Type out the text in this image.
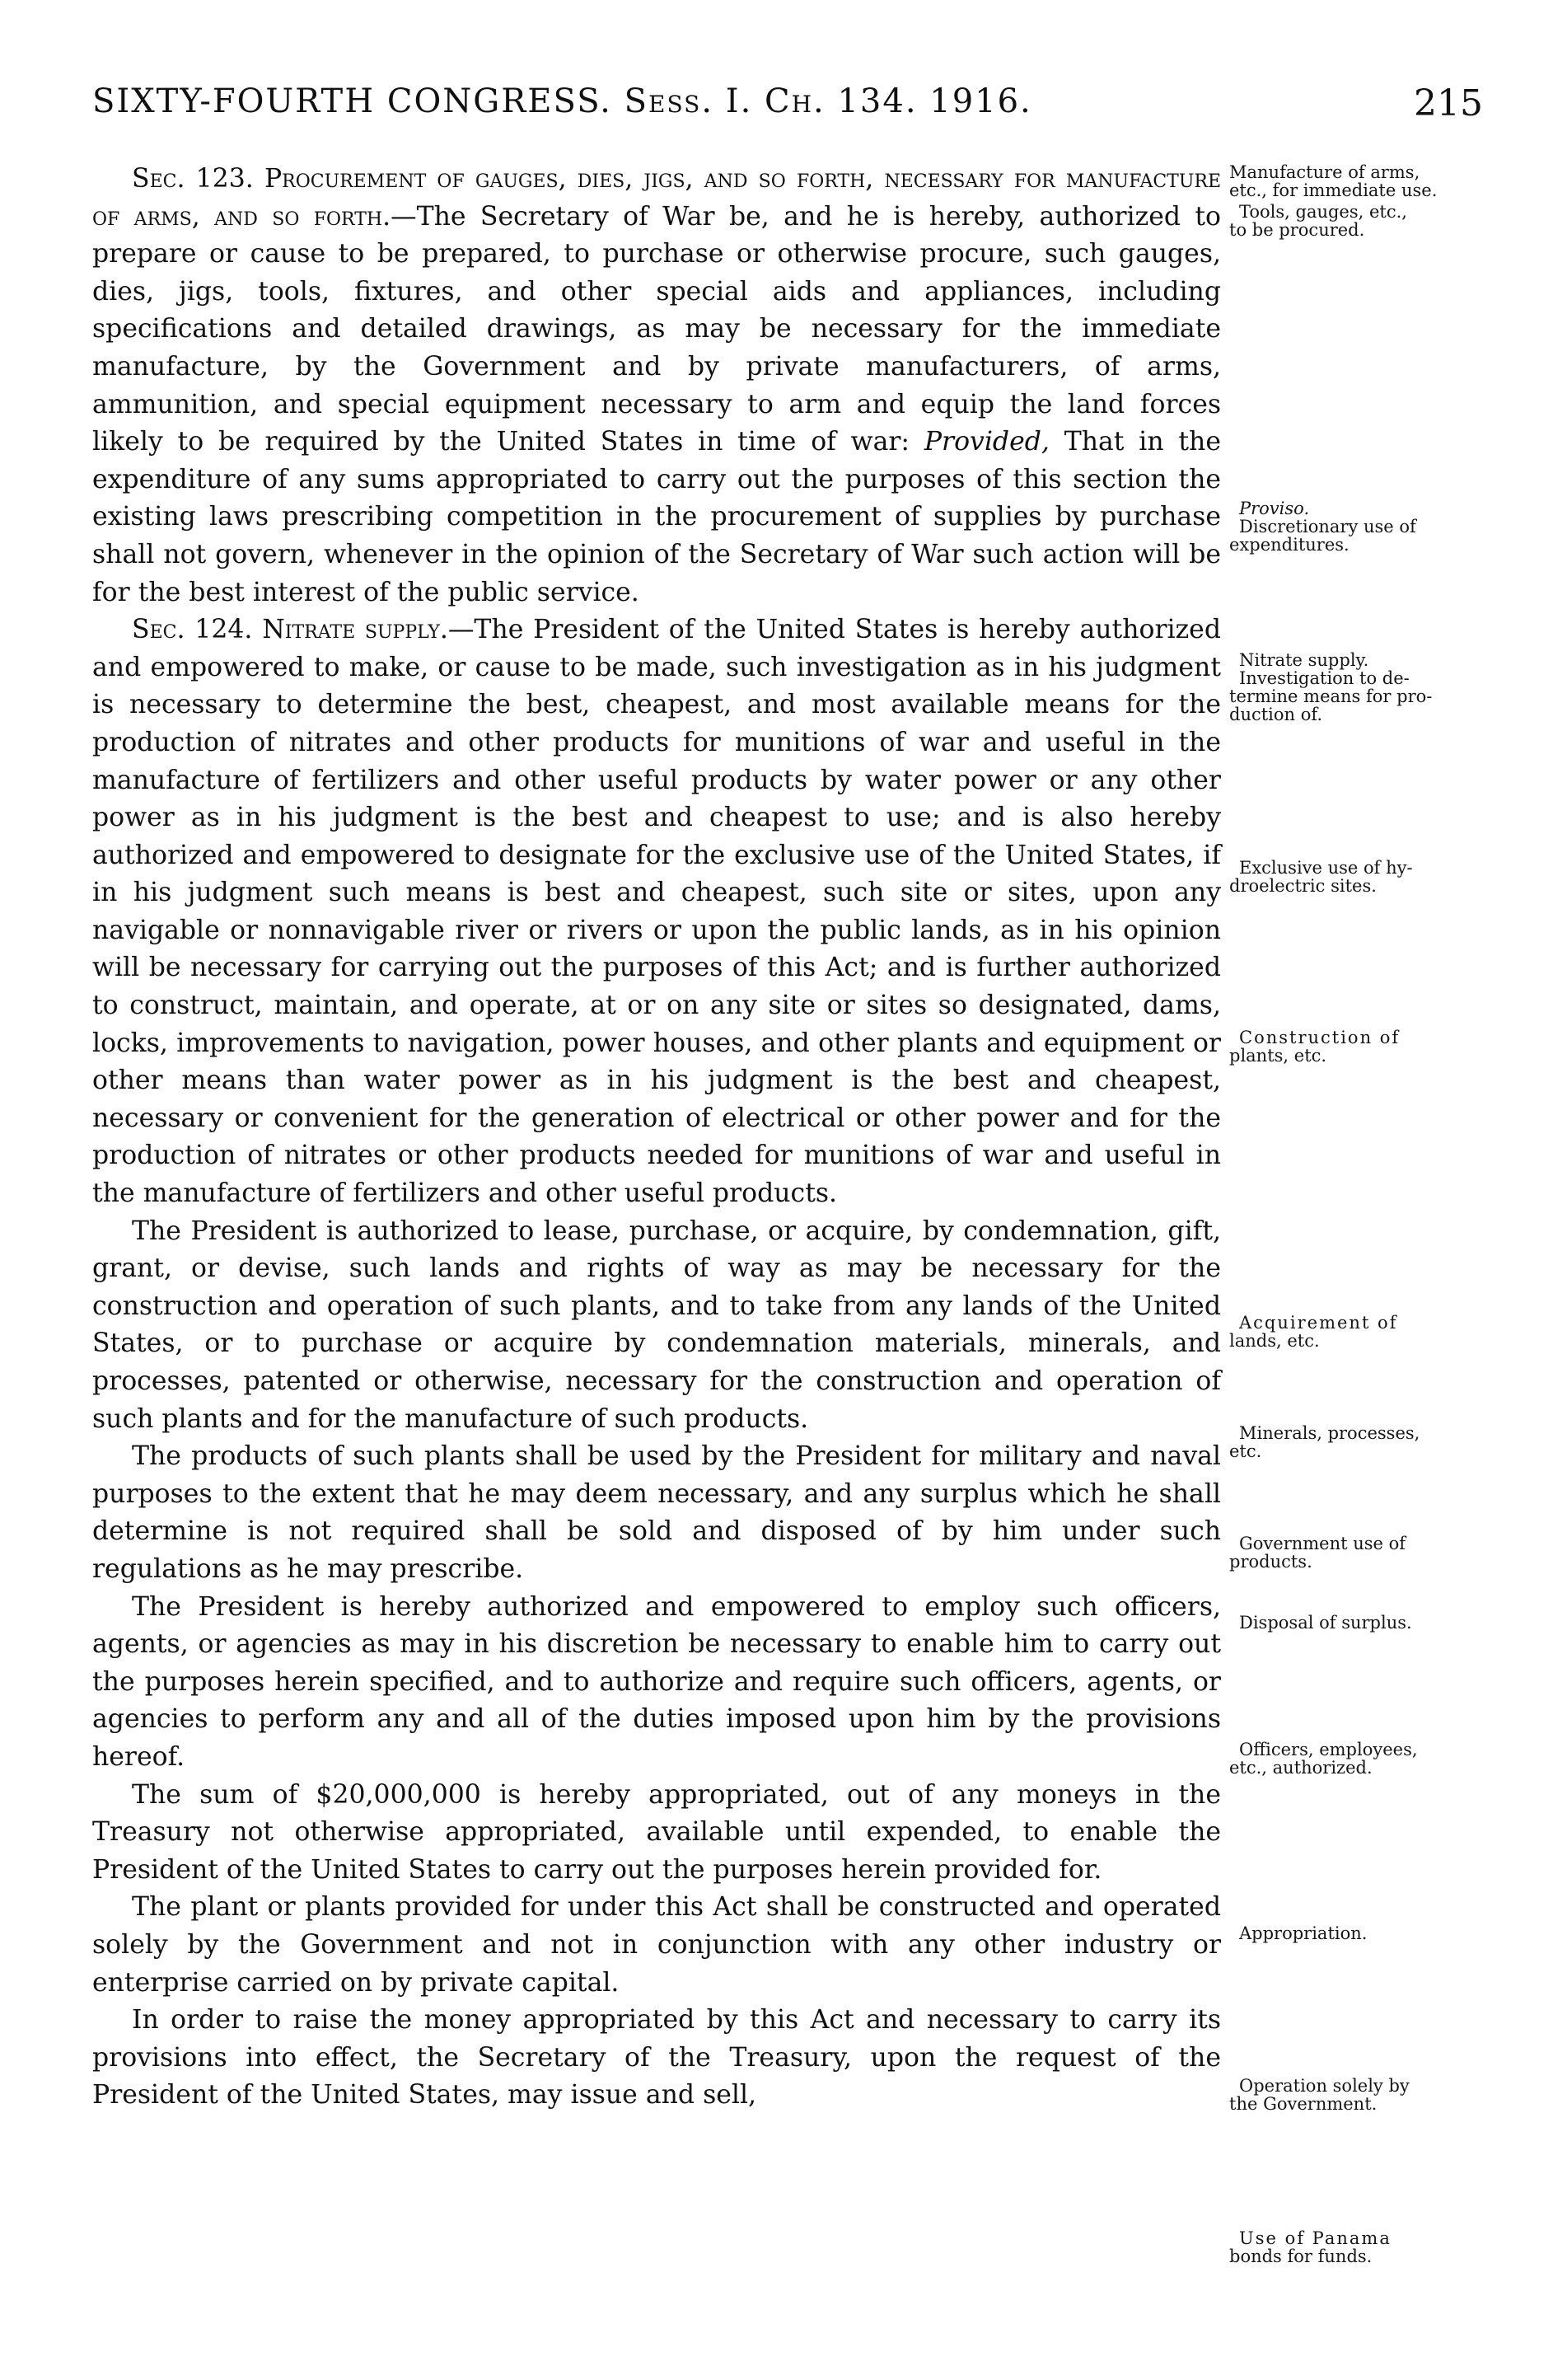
SIXTY-FOURTH CONGRESS. Sess. I. Ch. 134. 1916.	215

Sec. 123. Procurement of gauges, dies, jigs, and so forth, necessary for manufacture of arms, and so forth.—The Secretary of War be, and he is hereby, authorized to prepare or cause to be prepared, to purchase or otherwise procure, such gauges, dies, jigs, tools, fixtures, and other special aids and appliances, including specifications and detailed drawings, as may be necessary for the immediate manufacture, by the Government and by private manufacturers, of arms, ammunition, and special equipment necessary to arm and equip the land forces likely to be required by the United States in time of war: Provided, That in the expenditure of any sums appropriated to carry out the purposes of this section the existing laws prescribing competition in the procurement of supplies by purchase shall not govern, whenever in the opinion of the Secretary of War such action will be for the best interest of the public service.

Sec. 124. Nitrate supply.—The President of the United States is hereby authorized and empowered to make, or cause to be made, such investigation as in his judgment is necessary to determine the best, cheapest, and most available means for the production of nitrates and other products for munitions of war and useful in the manufacture of fertilizers and other useful products by water power or any other power as in his judgment is the best and cheapest to use; and is also hereby authorized and empowered to designate for the exclusive use of the United States, if in his judgment such means is best and cheapest, such site or sites, upon any navigable or nonnavigable river or rivers or upon the public lands, as in his opinion will be necessary for carrying out the purposes of this Act; and is further authorized to construct, maintain, and operate, at or on any site or sites so designated, dams, locks, improvements to navigation, power houses, and other plants and equipment or other means than water power as in his judgment is the best and cheapest, necessary or convenient for the generation of electrical or other power and for the production of nitrates or other products needed for munitions of war and useful in the manufacture of fertilizers and other useful products.

The President is authorized to lease, purchase, or acquire, by condemnation, gift, grant, or devise, such lands and rights of way as may be necessary for the construction and operation of such plants, and to take from any lands of the United States, or to purchase or acquire by condemnation materials, minerals, and processes, patented or otherwise, necessary for the construction and operation of such plants and for the manufacture of such products.

The products of such plants shall be used by the President for military and naval purposes to the extent that he may deem necessary, and any surplus which he shall determine is not required shall be sold and disposed of by him under such regulations as he may prescribe.

The President is hereby authorized and empowered to employ such officers, agents, or agencies as may in his discretion be necessary to enable him to carry out the purposes herein specified, and to authorize and require such officers, agents, or agencies to perform any and all of the duties imposed upon him by the provisions hereof.

The sum of $20,000,000 is hereby appropriated, out of any moneys in the Treasury not otherwise appropriated, available until expended, to enable the President of the United States to carry out the purposes herein provided for.

The plant or plants provided for under this Act shall be constructed and operated solely by the Government and not in conjunction with any other industry or enterprise carried on by private capital.

In order to raise the money appropriated by this Act and necessary to carry its provisions into effect, the Secretary of the Treasury, upon the request of the President of the United States, may issue and sell,

Manufacture of arms,
etc., for immediate use.
Tools, gauges, etc.,
to be procured.
Proviso.
Discretionary use of
expenditures.
Nitrate supply.
Investigation to de-
termine means for pro-
duction of.
Exclusive use of hy-
droelectric sites.
Construction of
plants, etc.
Acquirement of
lands, etc.
Minerals, processes,
etc.
Government use of
products.
Disposal of surplus.
Officers, employees,
etc., authorized.
Appropriation.
Operation solely by
the Government.
Use of Panama
bonds for funds.
